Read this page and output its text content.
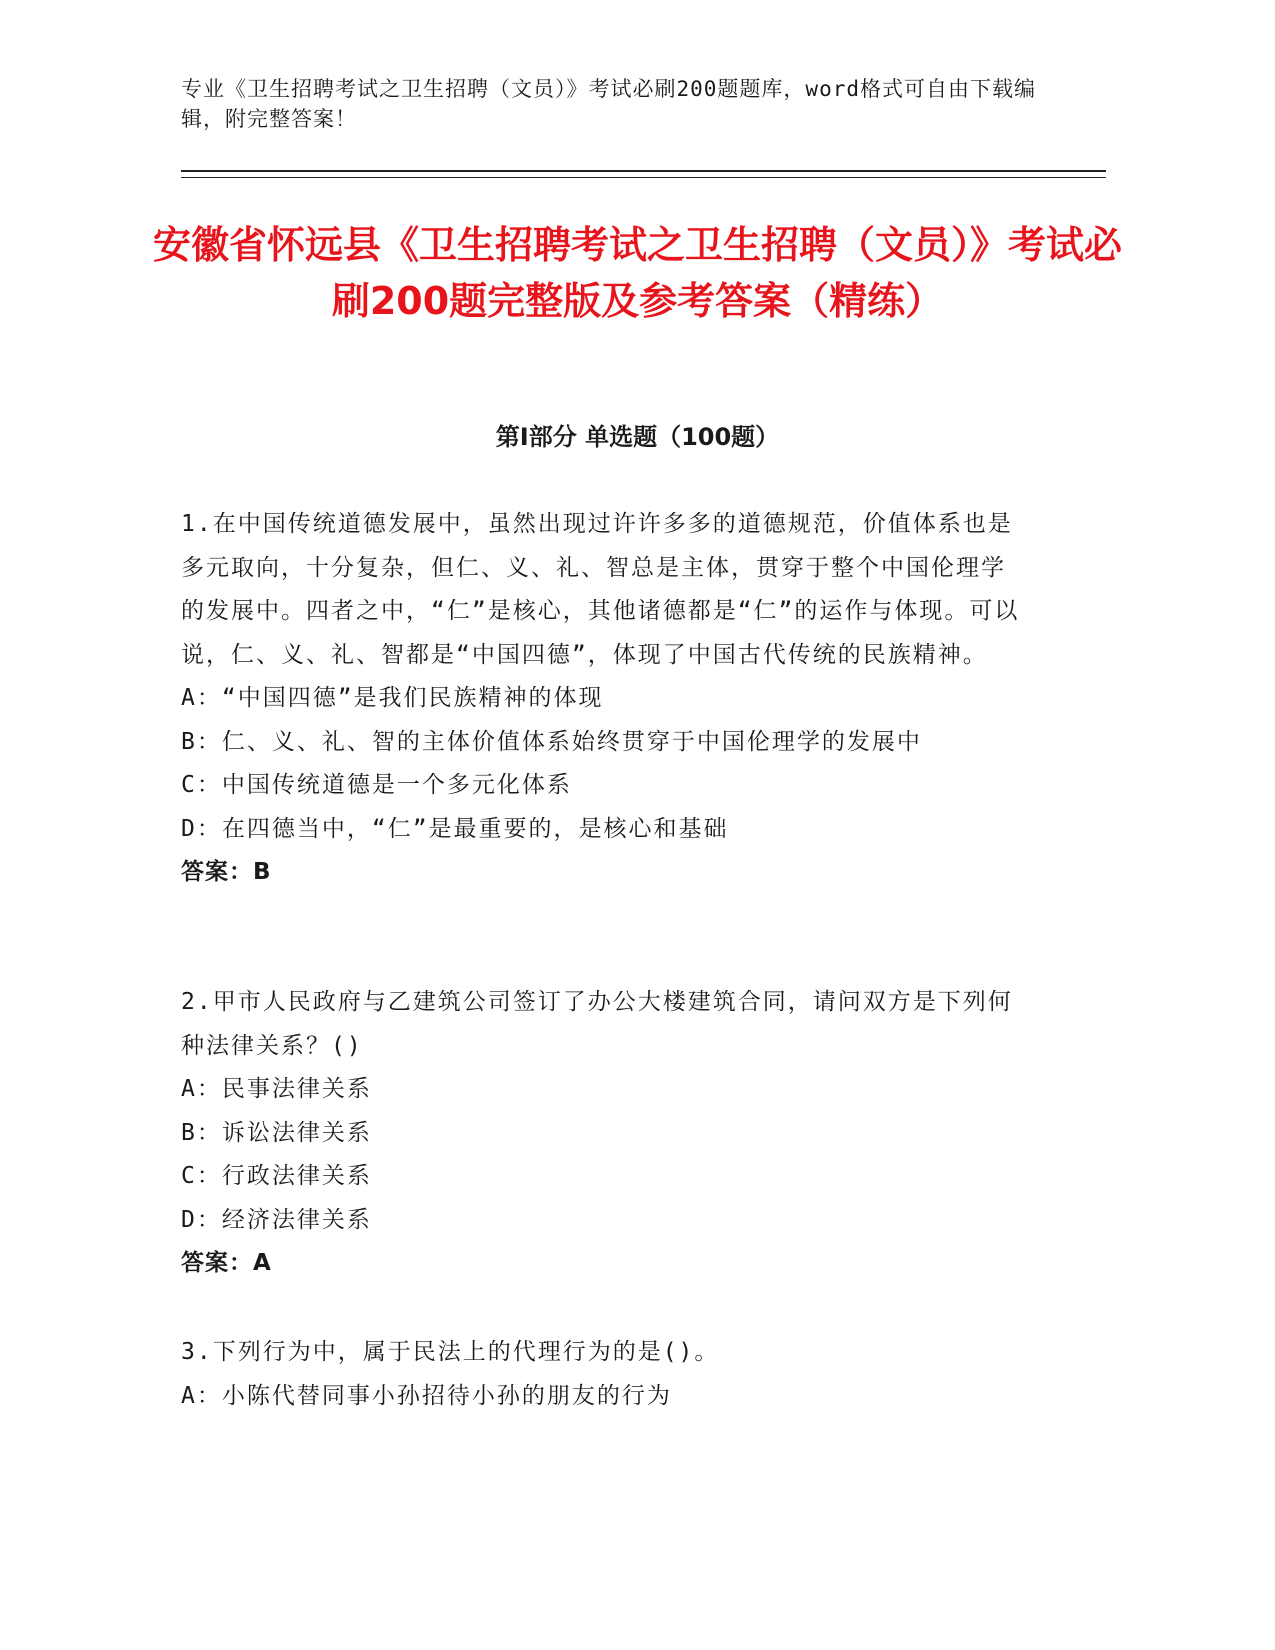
专业《卫生招聘考试之卫生招聘（文员）》考试必刷200题题库，word格式可自由下载编辑，附完整答案！
安徽省怀远县《卫生招聘考试之卫生招聘（文员）》考试必刷200题完整版及参考答案（精练）
第Ⅰ部分 单选题（100题）

1.在中国传统道德发展中，虽然出现过许许多多的道德规范，价值体系也是多元取向，十分复杂，但仁、义、礼、智总是主体，贯穿于整个中国伦理学的发展中。四者之中，“仁”是核心，其他诸德都是“仁”的运作与体现。可以说，仁、义、礼、智都是“中国四德”，体现了中国古代传统的民族精神。

A：“中国四德”是我们民族精神的体现

B：仁、义、礼、智的主体价值体系始终贯穿于中国伦理学的发展中

C：中国传统道德是一个多元化体系

D：在四德当中，“仁”是最重要的，是核心和基础

答案：B

2.甲市人民政府与乙建筑公司签订了办公大楼建筑合同，请问双方是下列何种法律关系？()

A：民事法律关系

B：诉讼法律关系

C：行政法律关系

D：经济法律关系

答案：A

3.下列行为中，属于民法上的代理行为的是()。

A：小陈代替同事小孙招待小孙的朋友的行为
